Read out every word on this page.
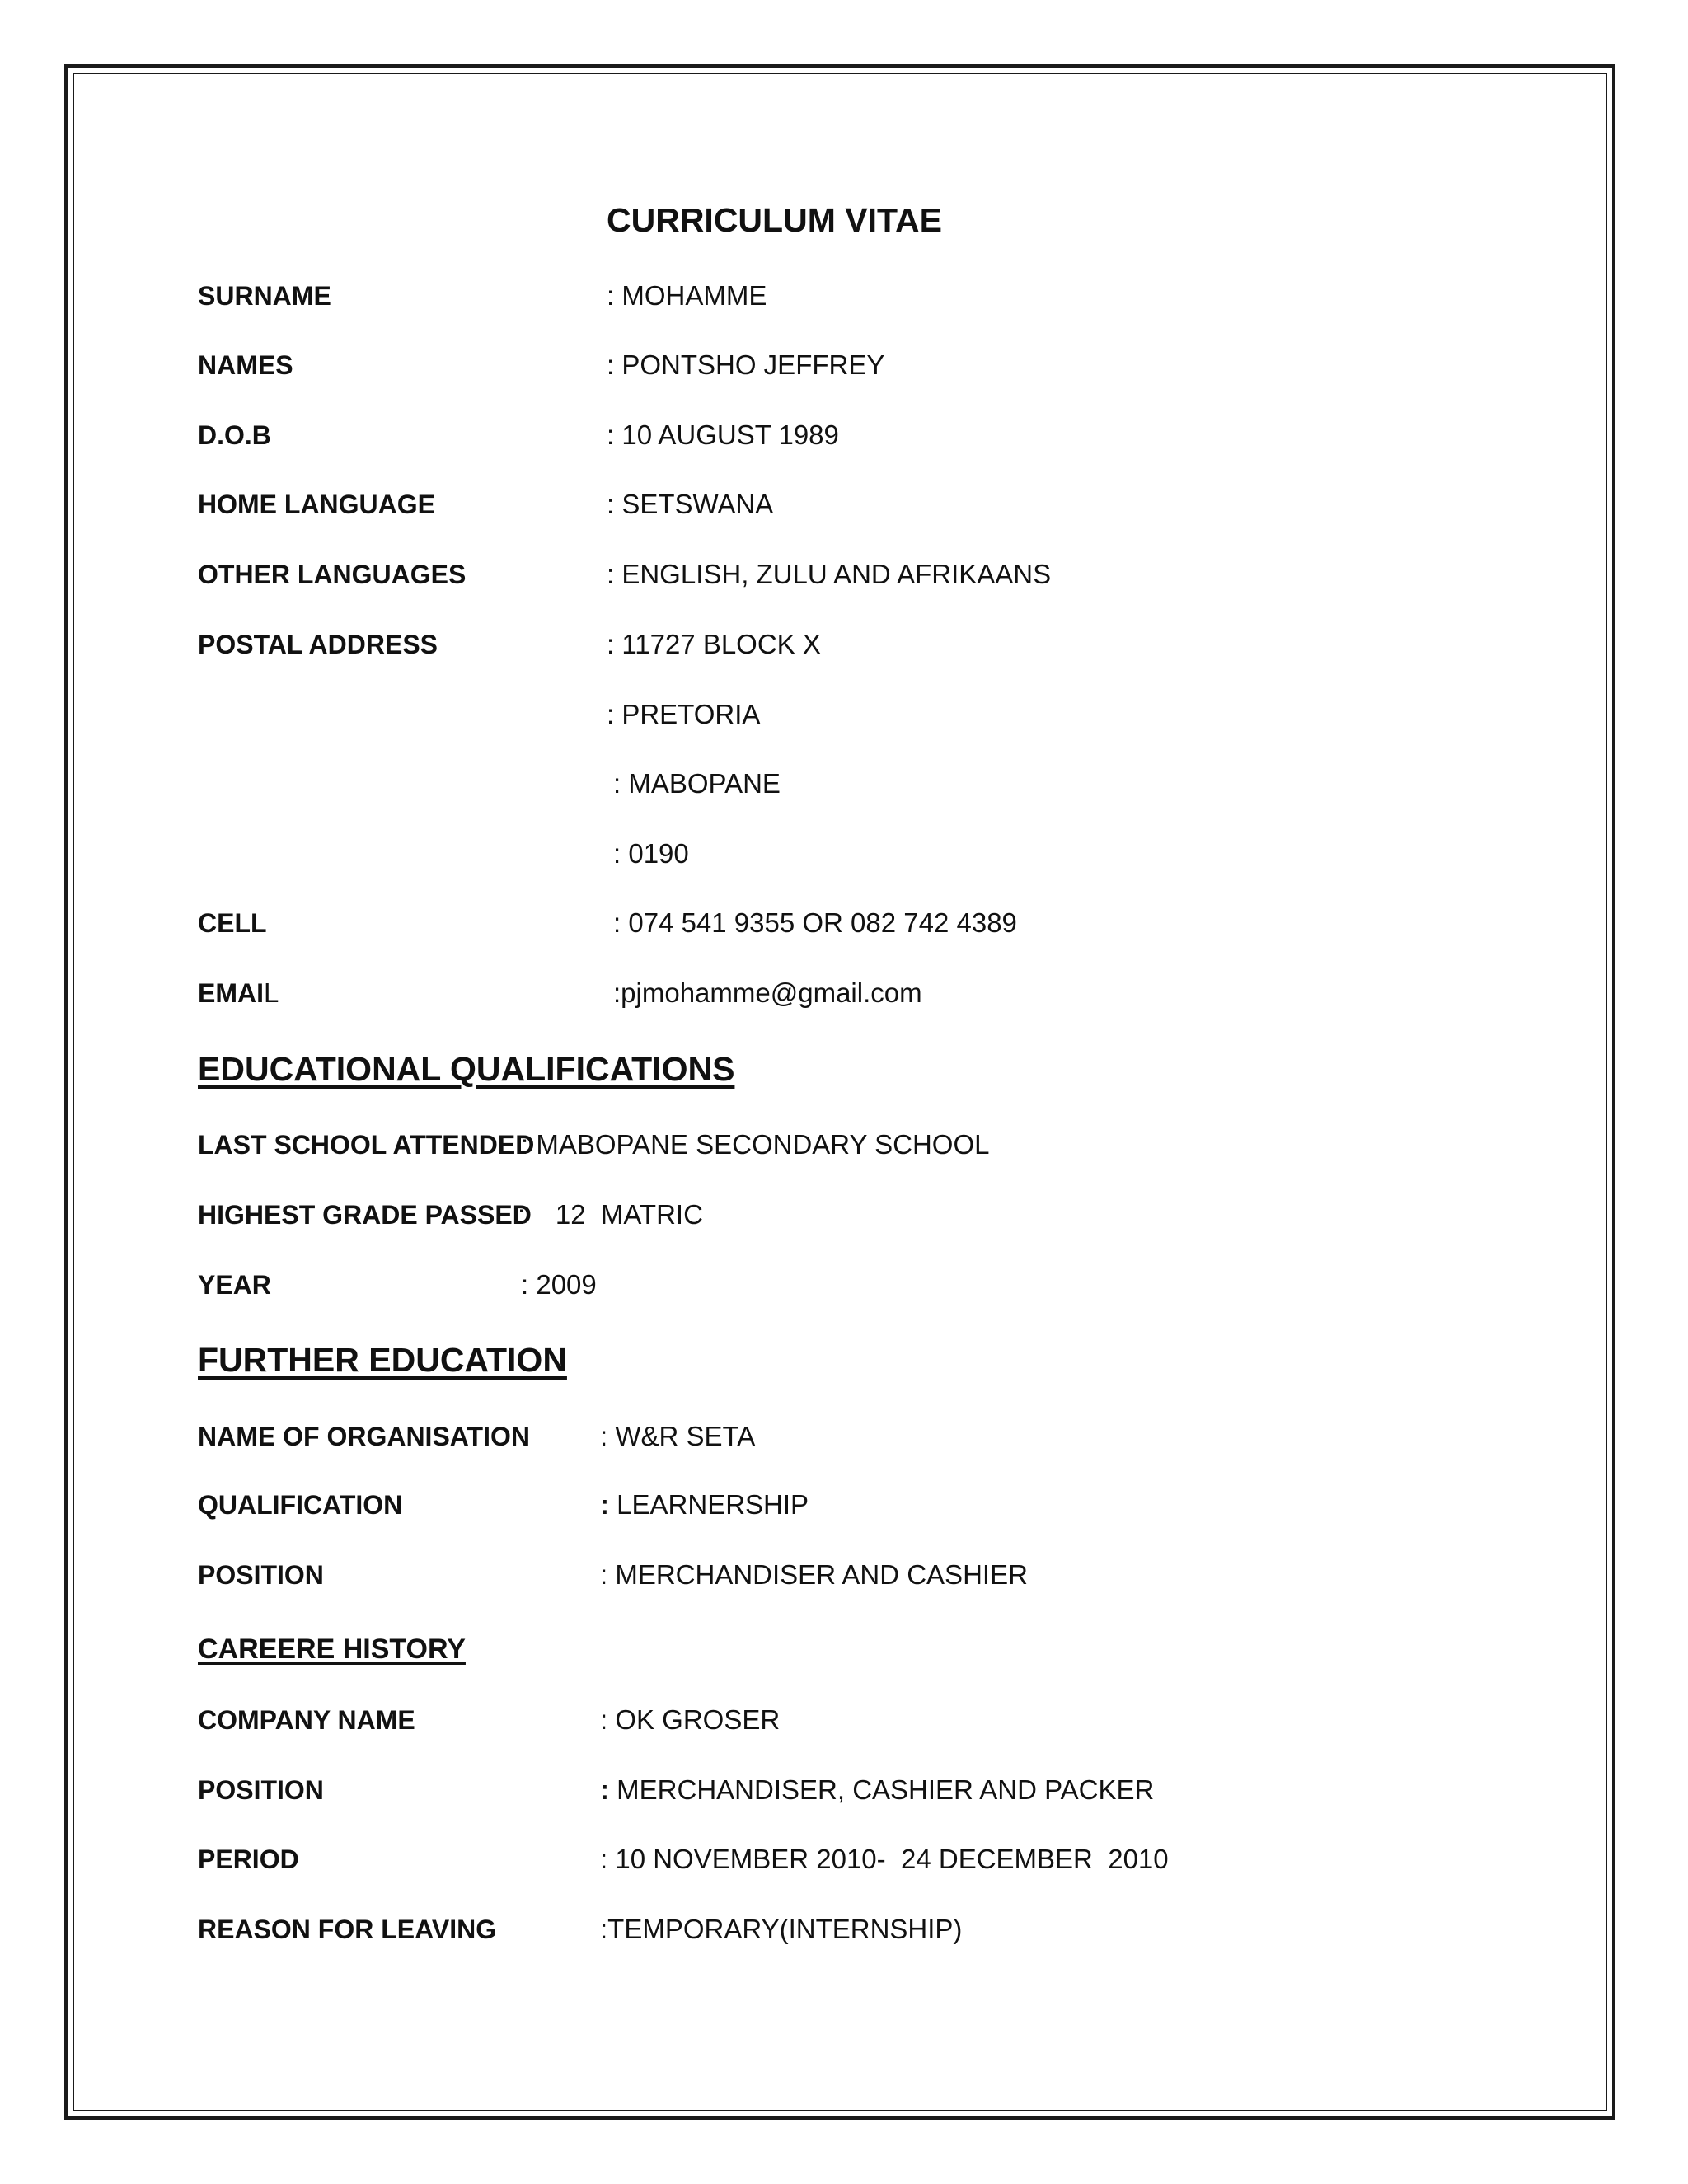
CURRICULUM VITAE
SURNAME	: MOHAMME
NAMES	: PONTSHO JEFFREY
D.O.B	: 10 AUGUST 1989
HOME LANGUAGE	: SETSWANA
OTHER LANGUAGES	: ENGLISH, ZULU AND AFRIKAANS
POSTAL ADDRESS	: 11727 BLOCK X
: PRETORIA
: MABOPANE
: 0190
CELL	: 074 541 9355 OR 082 742 4389
EMAIL	:pjmohamme@gmail.com
EDUCATIONAL QUALIFICATIONS
LAST SCHOOL ATTENDED
: MABOPANE SECONDARY SCHOOL
HIGHEST GRADE PASSED
:    12  MATRIC
YEAR	: 2009
FURTHER EDUCATION
NAME OF ORGANISATION	: W&R SETA
QUALIFICATION	: LEARNERSHIP
POSITION	: MERCHANDISER AND CASHIER
CAREERE HISTORY
COMPANY NAME	: OK GROSER
POSITION	: MERCHANDISER, CASHIER AND PACKER
PERIOD	: 10 NOVEMBER 2010-  24 DECEMBER  2010
REASON FOR LEAVING	:TEMPORARY(INTERNSHIP)
